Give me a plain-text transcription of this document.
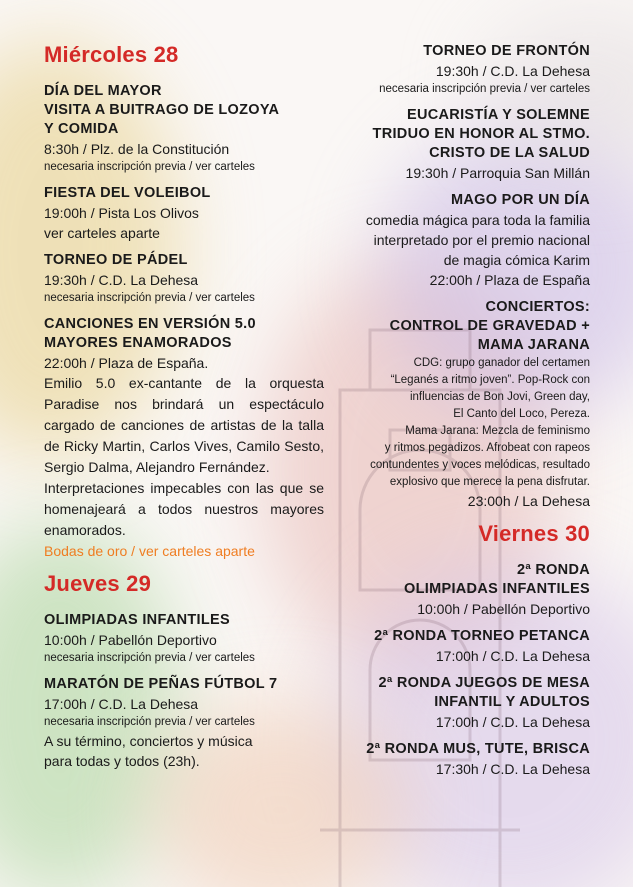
Miércoles 28

DÍA DEL MAYOR

VISITA A BUITRAGO DE LOZOYA

Y COMIDA

8:30h / Plz. de la Constitución

necesaria inscripción previa / ver carteles

FIESTA DEL VOLEIBOL

19:00h / Pista Los Olivos

ver carteles aparte

TORNEO DE PÁDEL

19:30h / C.D. La Dehesa

necesaria inscripción previa / ver carteles

CANCIONES EN VERSIÓN 5.0

MAYORES ENAMORADOS

22:00h / Plaza de España.

Emilio 5.0 ex-cantante de la orquesta Paradise nos brindará un espectáculo cargado de canciones de artistas de la talla de Ricky Martin, Carlos Vives, Camilo Sesto, Sergio Dalma, Alejandro Fernández.

Interpretaciones impecables con las que se homenajeará a todos nuestros mayores enamorados.

Bodas de oro / ver carteles aparte

Jueves 29

OLIMPIADAS INFANTILES

10:00h / Pabellón Deportivo

necesaria inscripción previa / ver carteles

MARATÓN DE PEÑAS FÚTBOL 7

17:00h / C.D. La Dehesa

necesaria inscripción previa / ver carteles

A su término, conciertos y música

para todas y todos (23h).

TORNEO DE FRONTÓN

19:30h / C.D. La Dehesa

necesaria inscripción previa / ver carteles

EUCARISTÍA Y SOLEMNE

TRIDUO EN HONOR AL STMO.

CRISTO DE LA SALUD

19:30h / Parroquia San Millán

MAGO POR UN DÍA

comedia mágica para toda la familia

interpretado por el premio nacional

de magia cómica Karim

22:00h / Plaza de España

CONCIERTOS:

CONTROL DE GRAVEDAD +

MAMA JARANA

CDG: grupo ganador del certamen

“Leganés a ritmo joven”. Pop-Rock con

influencias de Bon Jovi, Green day,

El Canto del Loco, Pereza.

Mama Jarana: Mezcla de feminismo

y ritmos pegadizos. Afrobeat con rapeos

contundentes y voces melódicas, resultado

explosivo que merece la pena disfrutar.

23:00h / La Dehesa

Viernes 30

2ª RONDA

OLIMPIADAS INFANTILES

10:00h / Pabellón Deportivo

2ª RONDA TORNEO PETANCA

17:00h / C.D. La Dehesa

2ª RONDA JUEGOS DE MESA

INFANTIL Y ADULTOS

17:00h / C.D. La Dehesa

2ª RONDA MUS, TUTE, BRISCA

17:30h / C.D. La Dehesa
